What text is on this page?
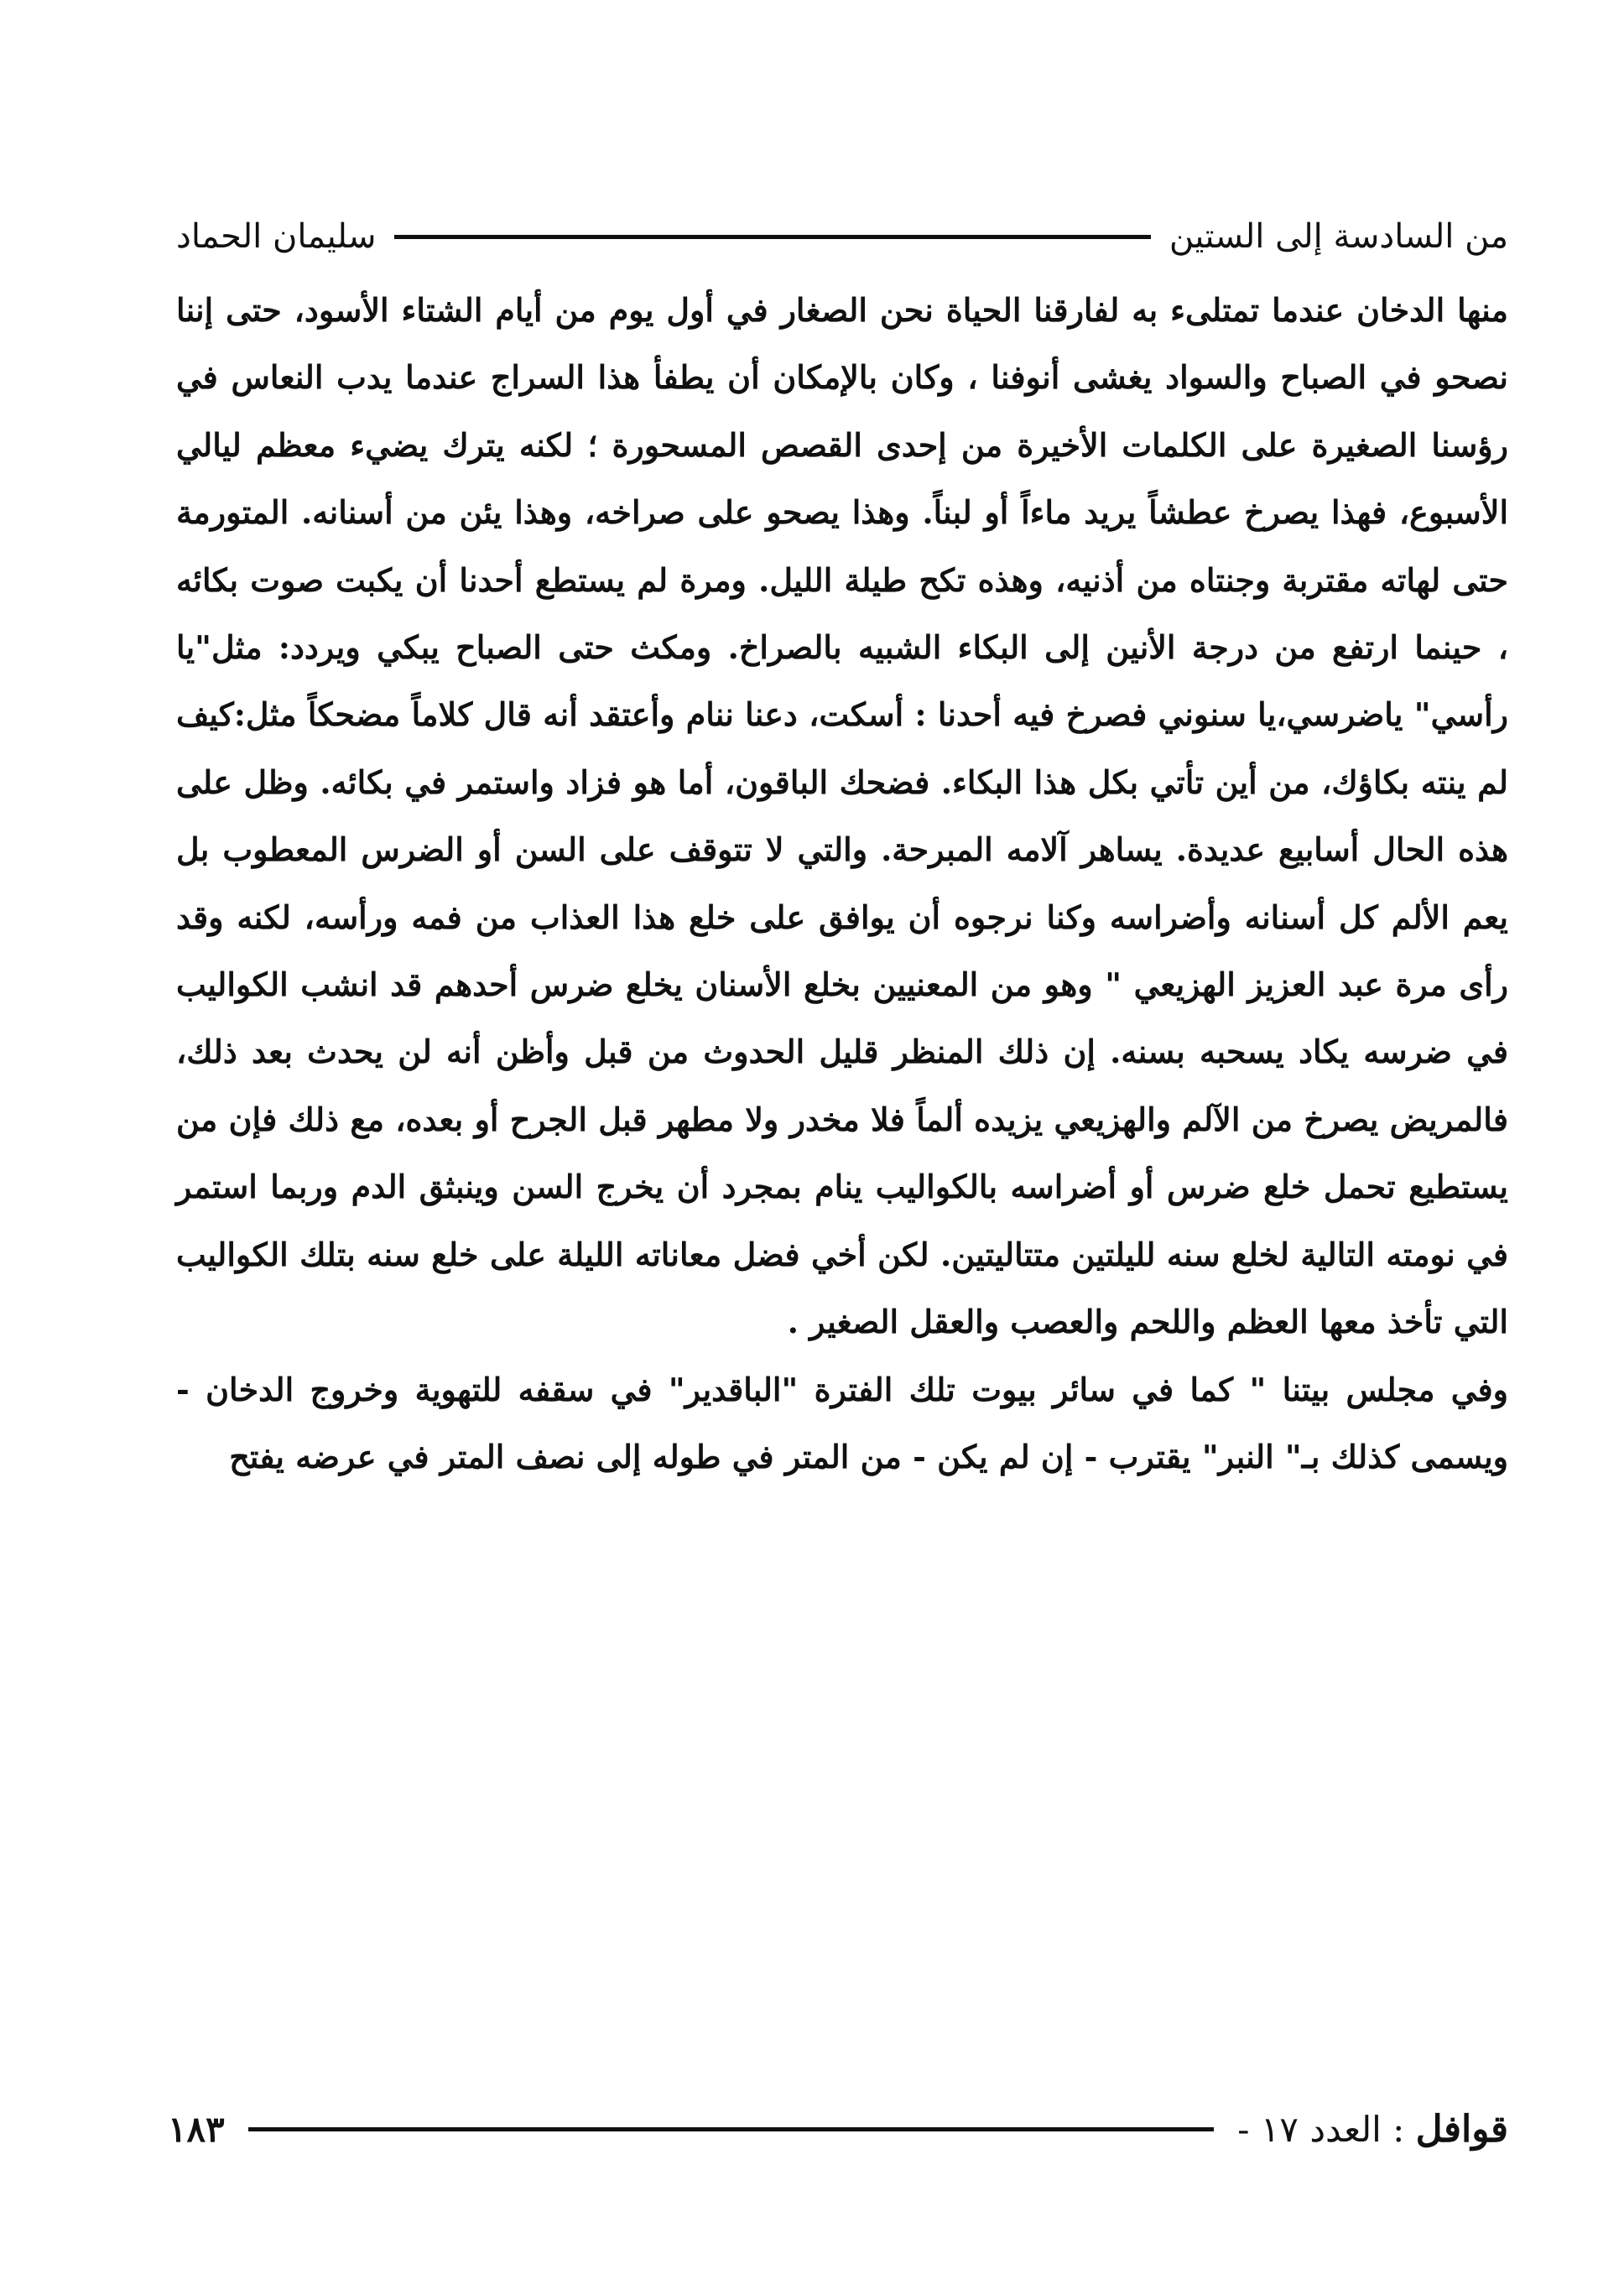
من السادسة إلى الستين
سليمان الحماد

منها الدخان عندما تمتلىء به لفارقنا الحياة نحن الصغار في أول يوم من أيام الشتاء الأسود، حتى إننا نصحو في الصباح والسواد يغشى أنوفنا ، وكان بالإمكان أن يطفأ هذا السراج عندما يدب النعاس في رؤسنا الصغيرة على الكلمات الأخيرة من إحدى القصص المسحورة ؛ لكنه يترك يضيء معظم ليالي الأسبوع، فهذا يصرخ عطشاً يريد ماءاً أو لبناً. وهذا يصحو على صراخه، وهذا يئن من أسنانه. المتورمة حتى لهاته مقتربة وجنتاه من أذنيه، وهذه تكح طيلة الليل. ومرة لم يستطع أحدنا أن يكبت صوت بكائه ، حينما ارتفع من درجة الأنين إلى البكاء الشبيه بالصراخ. ومكث حتى الصباح يبكي ويردد: مثل"يا رأسي" ياضرسي،يا سنوني فصرخ فيه أحدنا : أسكت، دعنا ننام وأعتقد أنه قال كلاماً مضحكاً مثل:كيف لم ينته بكاؤك، من أين تأتي بكل هذا البكاء. فضحك الباقون، أما هو فزاد واستمر في بكائه. وظل على هذه الحال أسابيع عديدة. يساهر آلامه المبرحة. والتي لا تتوقف على السن أو الضرس المعطوب بل يعم الألم كل أسنانه وأضراسه وكنا نرجوه أن يوافق على خلع هذا العذاب من فمه ورأسه، لكنه وقد رأى مرة عبد العزيز الهزيعي " وهو من المعنيين بخلع الأسنان يخلع ضرس أحدهم قد انشب الكواليب في ضرسه يكاد يسحبه بسنه. إن ذلك المنظر قليل الحدوث من قبل وأظن أنه لن يحدث بعد ذلك، فالمريض يصرخ من الآلم والهزيعي يزيده ألماً فلا مخدر ولا مطهر قبل الجرح أو بعده، مع ذلك فإن من يستطيع تحمل خلع ضرس أو أضراسه بالكواليب ينام بمجرد أن يخرج السن وينبثق الدم وربما استمر في نومته التالية لخلع سنه لليلتين متتاليتين. لكن أخي فضل معاناته الليلة على خلع سنه بتلك الكواليب التي تأخذ معها العظم واللحم والعصب والعقل الصغير .

وفي مجلس بيتنا " كما في سائر بيوت تلك الفترة "الباقدير" في سقفه للتهوية وخروج الدخان - ويسمى كذلك بـ" النبر" يقترب - إن لم يكن - من المتر في طوله إلى نصف المتر في عرضه يفتح

قوافل : العدد ١٧ -
١٨٣
